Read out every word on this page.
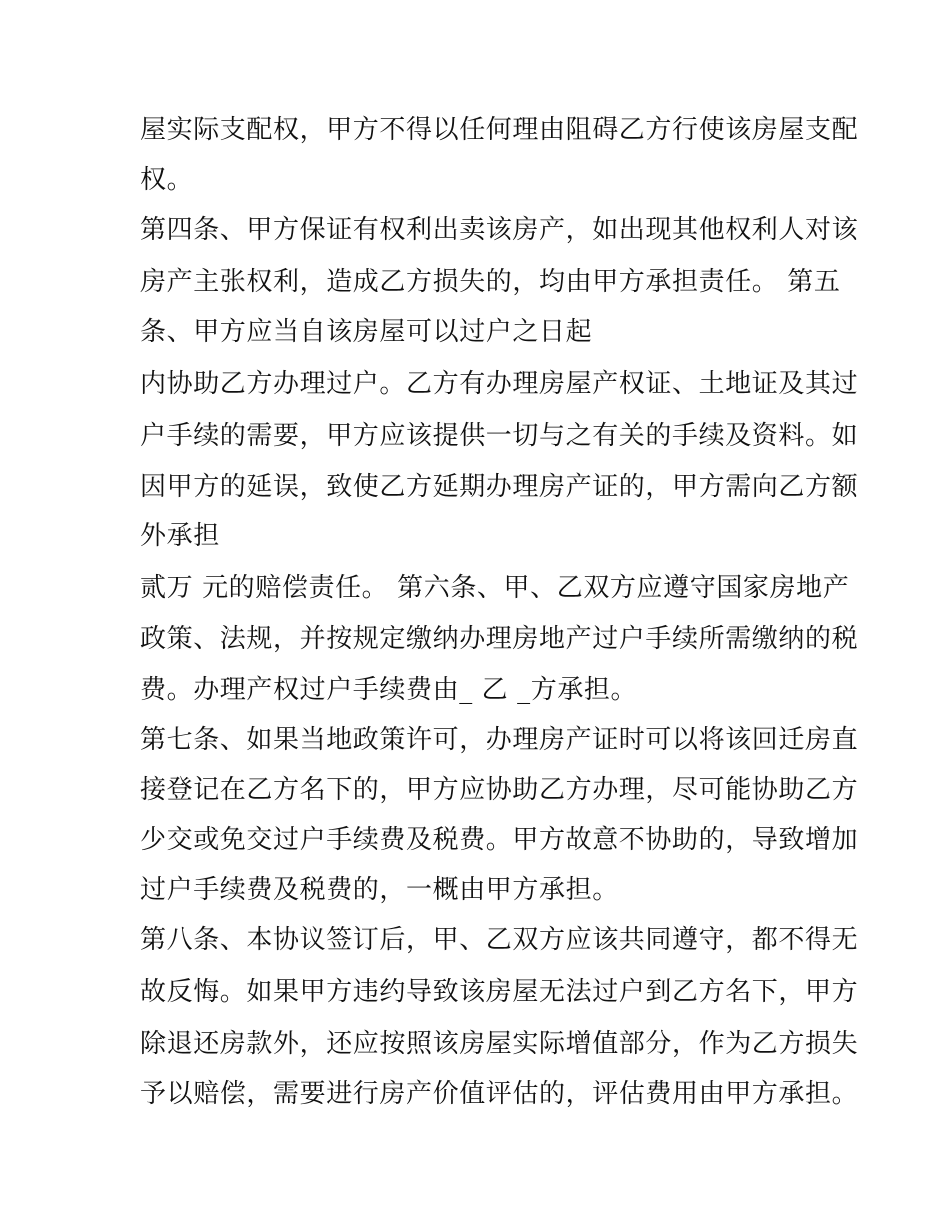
屋实际支配权，甲方不得以任何理由阻碍乙方行使该房屋支配
权。
第四条、甲方保证有权利出卖该房产，如出现其他权利人对该
房产主张权利，造成乙方损失的，均由甲方承担责任。 第五
条、甲方应当自该房屋可以过户之日起
内协助乙方办理过户。乙方有办理房屋产权证、土地证及其过
户手续的需要，甲方应该提供一切与之有关的手续及资料。如
因甲方的延误，致使乙方延期办理房产证的，甲方需向乙方额
外承担
贰万 元的赔偿责任。 第六条、甲、乙双方应遵守国家房地产
政策、法规，并按规定缴纳办理房地产过户手续所需缴纳的税
费。办理产权过户手续费由_ 乙 _方承担。
第七条、如果当地政策许可，办理房产证时可以将该回迁房直
接登记在乙方名下的，甲方应协助乙方办理，尽可能协助乙方
少交或免交过户手续费及税费。甲方故意不协助的，导致增加
过户手续费及税费的，一概由甲方承担。
第八条、本协议签订后，甲、乙双方应该共同遵守，都不得无
故反悔。如果甲方违约导致该房屋无法过户到乙方名下，甲方
除退还房款外，还应按照该房屋实际增值部分，作为乙方损失
予以赔偿，需要进行房产价值评估的，评估费用由甲方承担。
